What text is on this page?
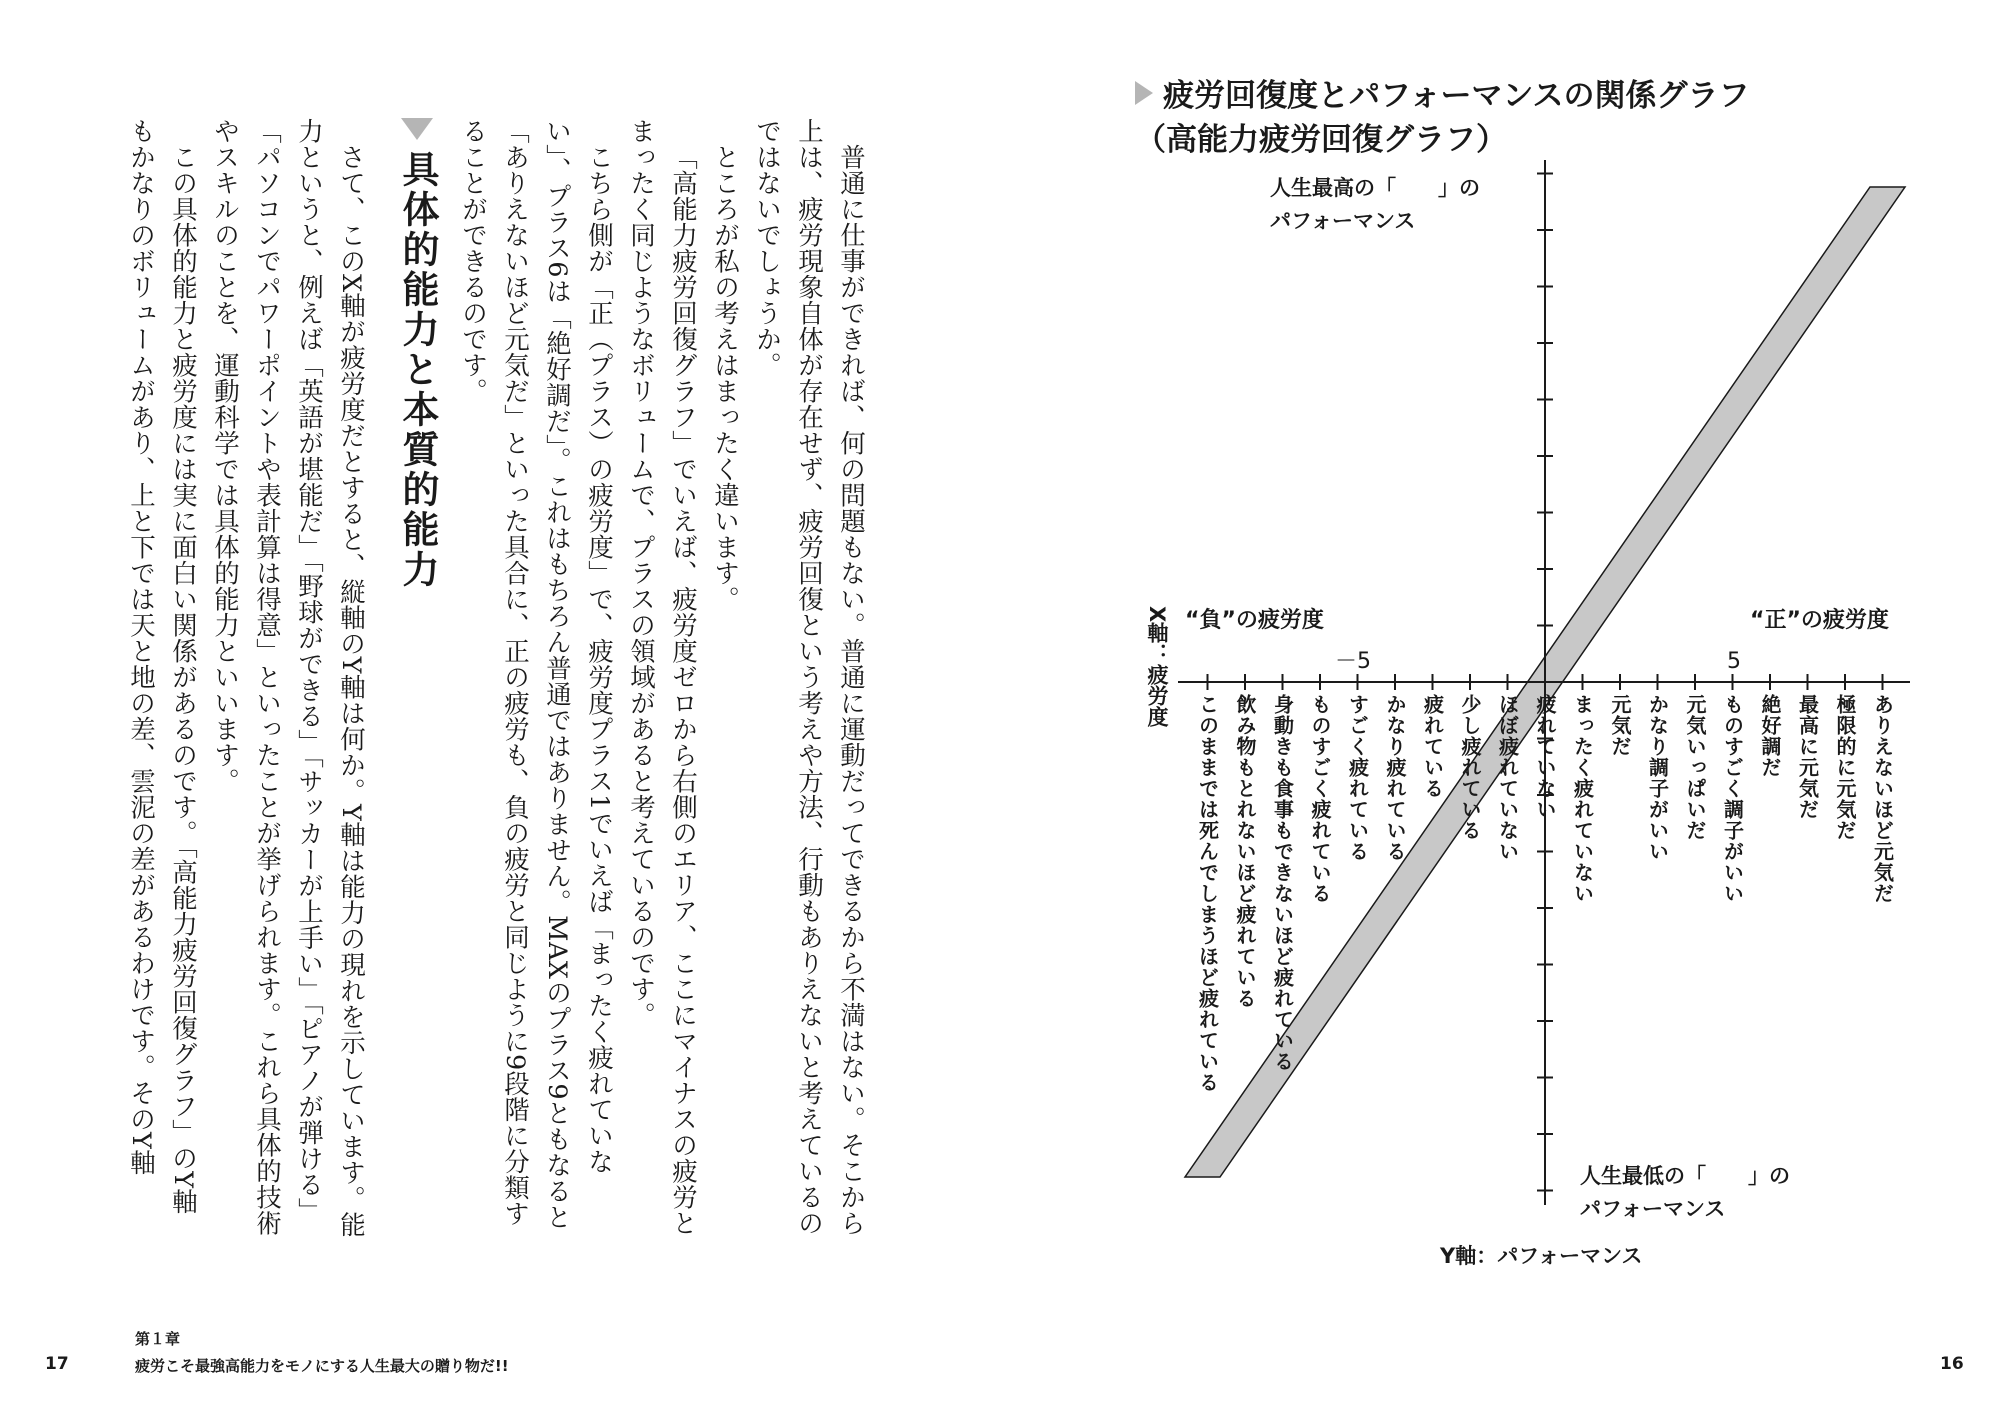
普通に仕事ができれば、何の問題もない。普通に運動だってできるから不満はない。そこから上は、疲労現象自体が存在せず、疲労回復という考えや方法、行動もありえないと考えているのではないでしょうか。

ところが私の考えはまったく違います。

「高能力疲労回復グラフ」でいえば、疲労度ゼロから右側のエリア、ここにマイナスの疲労とまったく同じようなボリュームで、プラスの領域があると考えているのです。

こちら側が「正（プラス）の疲労度」で、疲労度プラス1でいえば「まったく疲れていない」、プラス6は「絶好調だ」。これはもちろん普通ではありません。MAXのプラス9ともなると「ありえないほど元気だ」といった具合に、正の疲労も、負の疲労と同じように9段階に分類することができるのです。

具体的能力と本質的能力

さて、このX軸が疲労度だとすると、縦軸のY軸は何か。Y軸は能力の現れを示しています。能力というと、例えば「英語が堪能だ」「野球ができる」「サッカーが上手い」「ピアノが弾ける」「パソコンでパワーポイントや表計算は得意」といったことが挙げられます。これら具体的技術やスキルのことを、運動科学では具体的能力といいます。

この具体的能力と疲労度には実に面白い関係があるのです。「高能力疲労回復グラフ」のY軸もかなりのボリュームがあり、上と下では天と地の差、雲泥の差があるわけです。そのY軸

疲労回復度とパフォーマンスの関係グラフ
（高能力疲労回復グラフ）
人生最高の「　　」の
パフォーマンス
人生最低の「　　」の
パフォーマンス
Y軸：パフォーマンス
X軸：疲労度 “負”の疲労度	“正”の疲労度
－5	5
このままでは死んでしまうほど疲れている 飲み物もとれないほど疲れている 身動きも食事もできないほど疲れている ものすごく疲れている すごく疲れている かなり疲れている 疲れている 少し疲れている ほぼ疲れていない 疲れていない まったく疲れていない 元気だ かなり調子がいい 元気いっぱいだ ものすごく調子がいい 絶好調だ 最高に元気だ 極限的に元気だ ありえないほど元気だ
第１章
疲労こそ最強高能力をモノにする人生最大の贈り物だ!!
17	16
